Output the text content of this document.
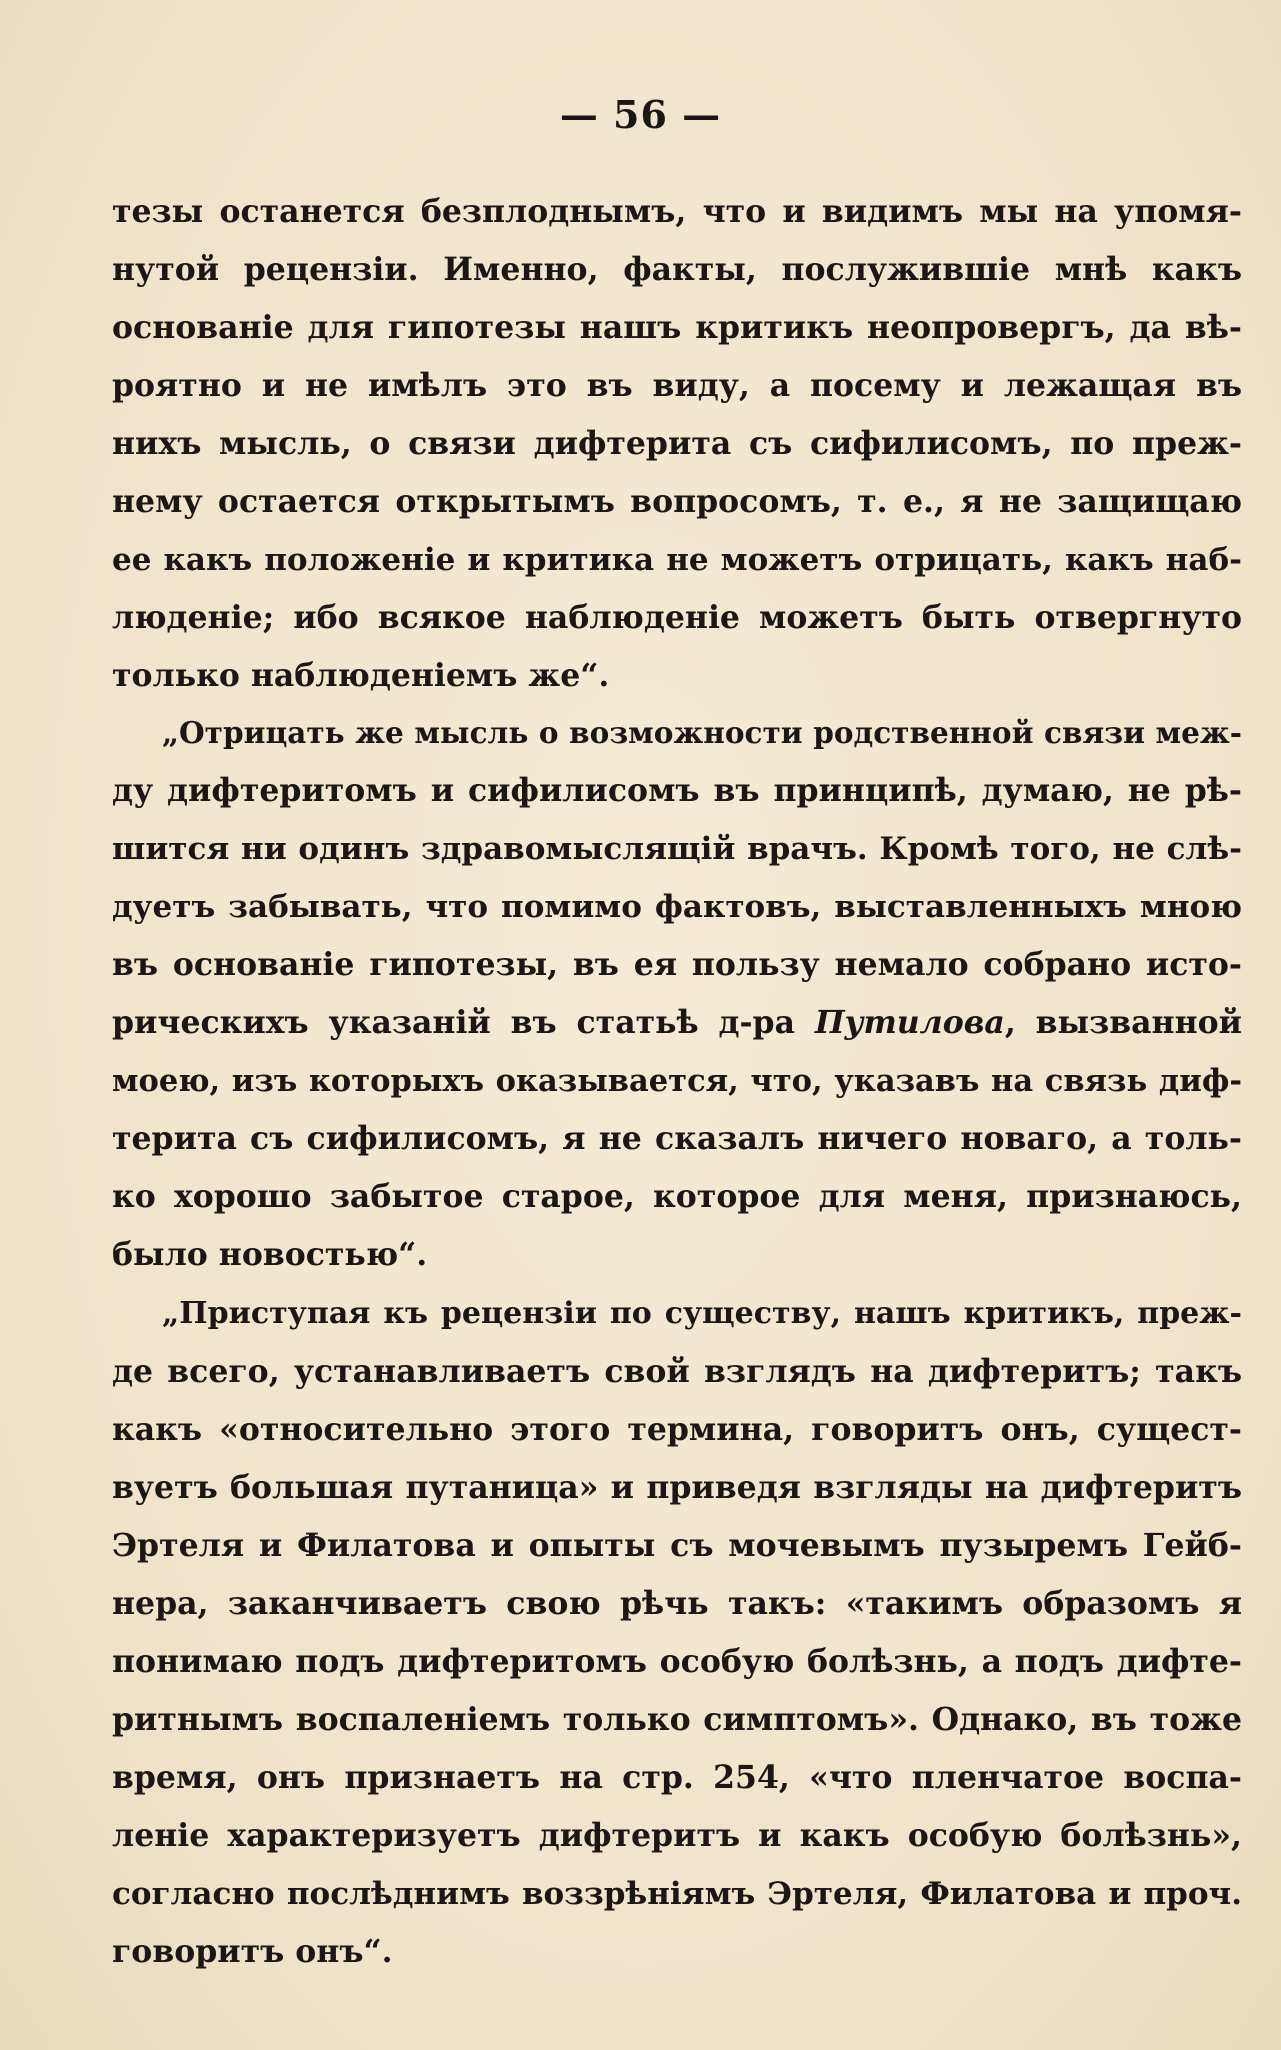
— 56 —
тезы останется безплоднымъ, что и видимъ мы на упомя-
нутой рецензіи. Именно, факты, послужившіе мнѣ какъ
основаніе для гипотезы нашъ критикъ неопровергъ, да вѣ-
роятно и не имѣлъ это въ виду, а посему и лежащая въ
нихъ мысль, о связи дифтерита съ сифилисомъ, по преж-
нему остается открытымъ вопросомъ, т. е., я не защищаю
ее какъ положеніе и критика не можетъ отрицать, какъ наб-
люденіе; ибо всякое наблюденіе можетъ быть отвергнуто
только наблюденіемъ же“.
„Отрицать же мысль о возможности родственной связи меж-
ду дифтеритомъ и сифилисомъ въ принципѣ, думаю, не рѣ-
шится ни одинъ здравомыслящій врачъ. Кромѣ того, не слѣ-
дуетъ забывать, что помимо фактовъ, выставленныхъ мною
въ основаніе гипотезы, въ ея пользу немало собрано исто-
рическихъ указаній въ статьѣ д-ра Путилова, вызванной
моею, изъ которыхъ оказывается, что, указавъ на связь диф-
терита съ сифилисомъ, я не сказалъ ничего новаго, а толь-
ко хорошо забытое старое, которое для меня, признаюсь,
было новостью“.
„Приступая къ рецензіи по существу, нашъ критикъ, преж-
де всего, устанавливаетъ свой взглядъ на дифтеритъ; такъ
какъ «относительно этого термина, говоритъ онъ, сущест-
вуетъ большая путаница» и приведя взгляды на дифтеритъ
Эртеля и Филатова и опыты съ мочевымъ пузыремъ Гейб-
нера, заканчиваетъ свою рѣчь такъ: «такимъ образомъ я
понимаю подъ дифтеритомъ особую болѣзнь, а подъ дифте-
ритнымъ воспаленіемъ только симптомъ». Однако, въ тоже
время, онъ признаетъ на стр. 254, «что пленчатое воспа-
леніе характеризуетъ дифтеритъ и какъ особую болѣзнь»,
согласно послѣднимъ воззрѣніямъ Эртеля, Филатова и проч.
говоритъ онъ“.
